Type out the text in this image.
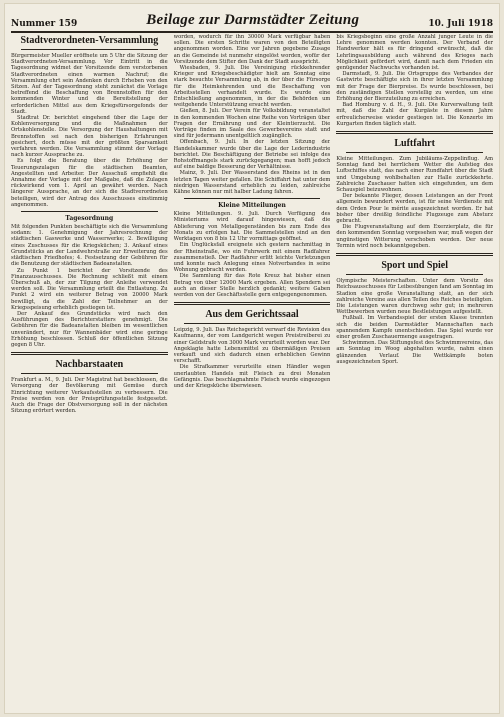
Nummer 159	Beilage zur Darmstädter Zeitung	10. Juli 1918
Stadtverordneten-Versammlung
Bürgermeister Mueller eröffnete um 5 Uhr die Sitzung der Stadtverordneten-Versammlung. Vor Eintritt in die Tagesordnung widmet der Vorsitzende dem verstorbenen Stadtverordneten einen warmen Nachruf; die Versammlung ehrt sein Andenken durch Erheben von den Sitzen. Auf der Tagesordnung steht zunächst die Vorlage betreffend die Beschaffung von Brennstoffen für den kommenden Winter und die Bereitstellung der erforderlichen Mittel aus dem Kriegsfürsorgefonds der Stadt.
Stadtrat Dr. berichtet eingehend über die Lage der Kohlenversorgung und die Maßnahmen der Ortskohlenstelle. Die Versorgung der Haushaltungen mit Brennstoffen sei nach den bisherigen Erfahrungen gesichert, doch müsse mit der größten Sparsamkeit verfahren werden. Die Versammlung stimmt der Vorlage nach kurzer Aussprache zu.
Es folgt die Beratung über die Erhöhung der Teuerungszulagen für die städtischen Beamten, Angestellten und Arbeiter. Der Ausschuß empfiehlt die Annahme der Vorlage mit der Maßgabe, daß die Zulagen rückwirkend vom 1. April an gewährt werden. Nach längerer Aussprache, an der sich die Stadtverordneten beteiligen, wird der Antrag des Ausschusses einstimmig angenommen.
Tagesordnung
Mit folgenden Punkten beschäftigte sich die Versammlung sodann: 1. Genehmigung der Jahresrechnung der städtischen Gaswerke und Wasserwerke; 2. Bewilligung eines Zuschusses für die Kriegsküchen; 3. Ankauf eines Grundstücks an der Landwehrstraße zur Erweiterung des städtischen Friedhofes; 4. Festsetzung der Gebühren für die Benutzung der städtischen Badeanstalten.
Zu Punkt 1 berichtet der Vorsitzende des Finanzausschusses. Die Rechnung schließt mit einem Überschuß ab, der zur Tilgung der Anleihe verwendet werden soll. Die Versammlung erteilt die Entlastung. Zu Punkt 2 wird ein weiterer Betrag von 20000 Mark bewilligt, da die Zahl der Teilnehmer an der Kriegsspeisung erheblich gestiegen ist.
Der Ankauf des Grundstücks wird nach den Ausführungen des Berichterstatters genehmigt. Die Gebühren für die Badeanstalten bleiben im wesentlichen unverändert, nur für Wannenbäder wird eine geringe Erhöhung beschlossen. Schluß der öffentlichen Sitzung gegen 8 Uhr.
Nachbarstaaten
Frankfurt a. M., 9. Juli. Der Magistrat hat beschlossen, die Versorgung der Bevölkerung mit Gemüse durch Einrichtung weiterer Verkaufsstellen zu verbessern. Die Preise werden von der Preisprüfungsstelle festgesetzt. Auch die Frage der Obstversorgung soll in der nächsten Sitzung erörtert werden.
worden, wodurch für ihn 30000 Mark verfügbar haben sollen. Die ersten Schritte waren von den Beteiligten angenommen worden. Eine vor Jahren gegebene Zusage an die Gemeinde ist nunmehr eingelöst worden, wofür der Vorsitzende dem Stifter den Dank der Stadt ausspricht.
Wiesbaden, 9. Juli. Die Vereinigung rückkehrender Krieger und Kriegsbeschädigter hielt am Sonntag eine stark besuchte Versammlung ab, in der über die Fürsorge für die Heimkehrenden und die Beschaffung von Arbeitsstellen verhandelt wurde. Es wurde eine Entschließung angenommen, in der die Behörden um weitgehende Unterstützung ersucht werden.
Gießen, 8. Juli. Der Verein für Volksbildung veranstaltet in den kommenden Wochen eine Reihe von Vorträgen über Fragen der Ernährung und der Kleintierzucht. Die Vorträge finden im Saale des Gewerbevereins statt und sind für jedermann unentgeltlich zugänglich.
Offenbach, 9. Juli. In der letzten Sitzung der Handelskammer wurde über die Lage der Lederindustrie berichtet. Die Beschäftigung der Betriebe sei infolge des Rohstoffmangels stark zurückgegangen; man hofft jedoch auf eine baldige Besserung der Verhältnisse.
Mainz, 9. Juli. Der Wasserstand des Rheins ist in den letzten Tagen weiter gefallen. Die Schiffahrt hat unter dem niedrigen Wasserstand erheblich zu leiden, zahlreiche Kähne können nur mit halber Ladung fahren.
Kleine Mitteilungen
Kleine Mitteilungen. 9. Juli. Durch Verfügung des Ministeriums wird darauf hingewiesen, daß die Ablieferung von Metallgegenständen bis zum Ende des Monats zu erfolgen hat. Die Sammelstellen sind an den Werktagen von 8 bis 12 Uhr vormittags geöffnet.
Ein Unglücksfall ereignete sich gestern nachmittag in der Rheinstraße, wo ein Fuhrwerk mit einem Radfahrer zusammenstieß. Der Radfahrer erlitt leichte Verletzungen und konnte nach Anlegung eines Notverbandes in seine Wohnung gebracht werden.
Die Sammlung für das Rote Kreuz hat bisher einen Betrag von über 12000 Mark ergeben. Allen Spendern sei auch an dieser Stelle herzlich gedankt; weitere Gaben werden von der Geschäftsstelle gern entgegengenommen.
Aus dem Gerichtssaal
Leipzig, 9. Juli. Das Reichsgericht verwarf die Revision des Kaufmanns, der vom Landgericht wegen Preistreiberei zu einer Geldstrafe von 3000 Mark verurteilt worden war. Der Angeklagte hatte Lebensmittel zu übermäßigen Preisen verkauft und sich dadurch einen erheblichen Gewinn verschafft.
Die Strafkammer verurteilte einen Händler wegen unerlaubten Handels mit Fleisch zu drei Monaten Gefängnis. Das beschlagnahmte Fleisch wurde eingezogen und der Kriegsküche überwiesen.
bis Kriegsbeginn eine große Anzahl junger Leute in die Lehre genommen werden konnten. Der Verband der Handwerker hält es für dringend erwünscht, daß die Lehrlingsausbildung auch während des Krieges nach Möglichkeit gefördert wird, damit nach dem Frieden ein genügender Nachwuchs vorhanden ist.
Darmstadt, 9. Juli. Die Ortsgruppe des Verbandes der Gastwirte beschäftigte sich in ihrer letzten Versammlung mit der Frage der Bierpreise. Es wurde beschlossen, bei den zuständigen Stellen vorstellig zu werden, um eine Erhöhung der Bierzuteilung zu erreichen.
Bad Homburg v. d. H., 9. Juli. Die Kurverwaltung teilt mit, daß die Zahl der Kurgäste in diesem Jahre erfreulicherweise wieder gestiegen ist. Die Konzerte im Kurgarten finden täglich statt.
Luftfahrt
Kleine Mitteilungen. Zum Jubiläums-Zeppelinflug. Am Sonntag fand bei herrlichem Wetter die Aufstieg des Luftschiffes statt, das nach einer Rundfahrt über die Stadt und Umgebung wohlbehalten zur Halle zurückkehrte. Zahlreiche Zuschauer hatten sich eingefunden, um dem Schauspiel beizuwohnen.
Der bekannte Flieger, dessen Leistungen an der Front allgemein bewundert werden, ist für seine Verdienste mit dem Orden Pour le mérite ausgezeichnet worden. Er hat bisher über dreißig feindliche Flugzeuge zum Absturz gebracht.
Die Flugveranstaltung auf dem Exerzierplatz, die für den kommenden Sonntag vorgesehen war, muß wegen der ungünstigen Witterung verschoben werden. Der neue Termin wird noch bekanntgegeben.
Sport und Spiel
Olympische Meisterschaften. Unter dem Vorsitz des Reichsausschusses für Leibesübungen fand am Sonntag im Stadion eine große Veranstaltung statt, an der sich zahlreiche Vereine aus allen Teilen des Reiches beteiligten. Die Leistungen waren durchweg sehr gut; in mehreren Wettbewerben wurden neue Bestleistungen aufgestellt.
Fußball. Im Verbandsspiel der ersten Klasse trennten sich die beiden Darmstädter Mannschaften nach spannendem Kampfe unentschieden. Das Spiel wurde vor einer großen Zuschauermenge ausgetragen.
Schwimmen. Das Stiftungsfest des Schwimmvereins, das am Sonntag im Woog abgehalten wurde, nahm einen glänzenden Verlauf. Die Wettkämpfe boten ausgezeichneten Sport.
